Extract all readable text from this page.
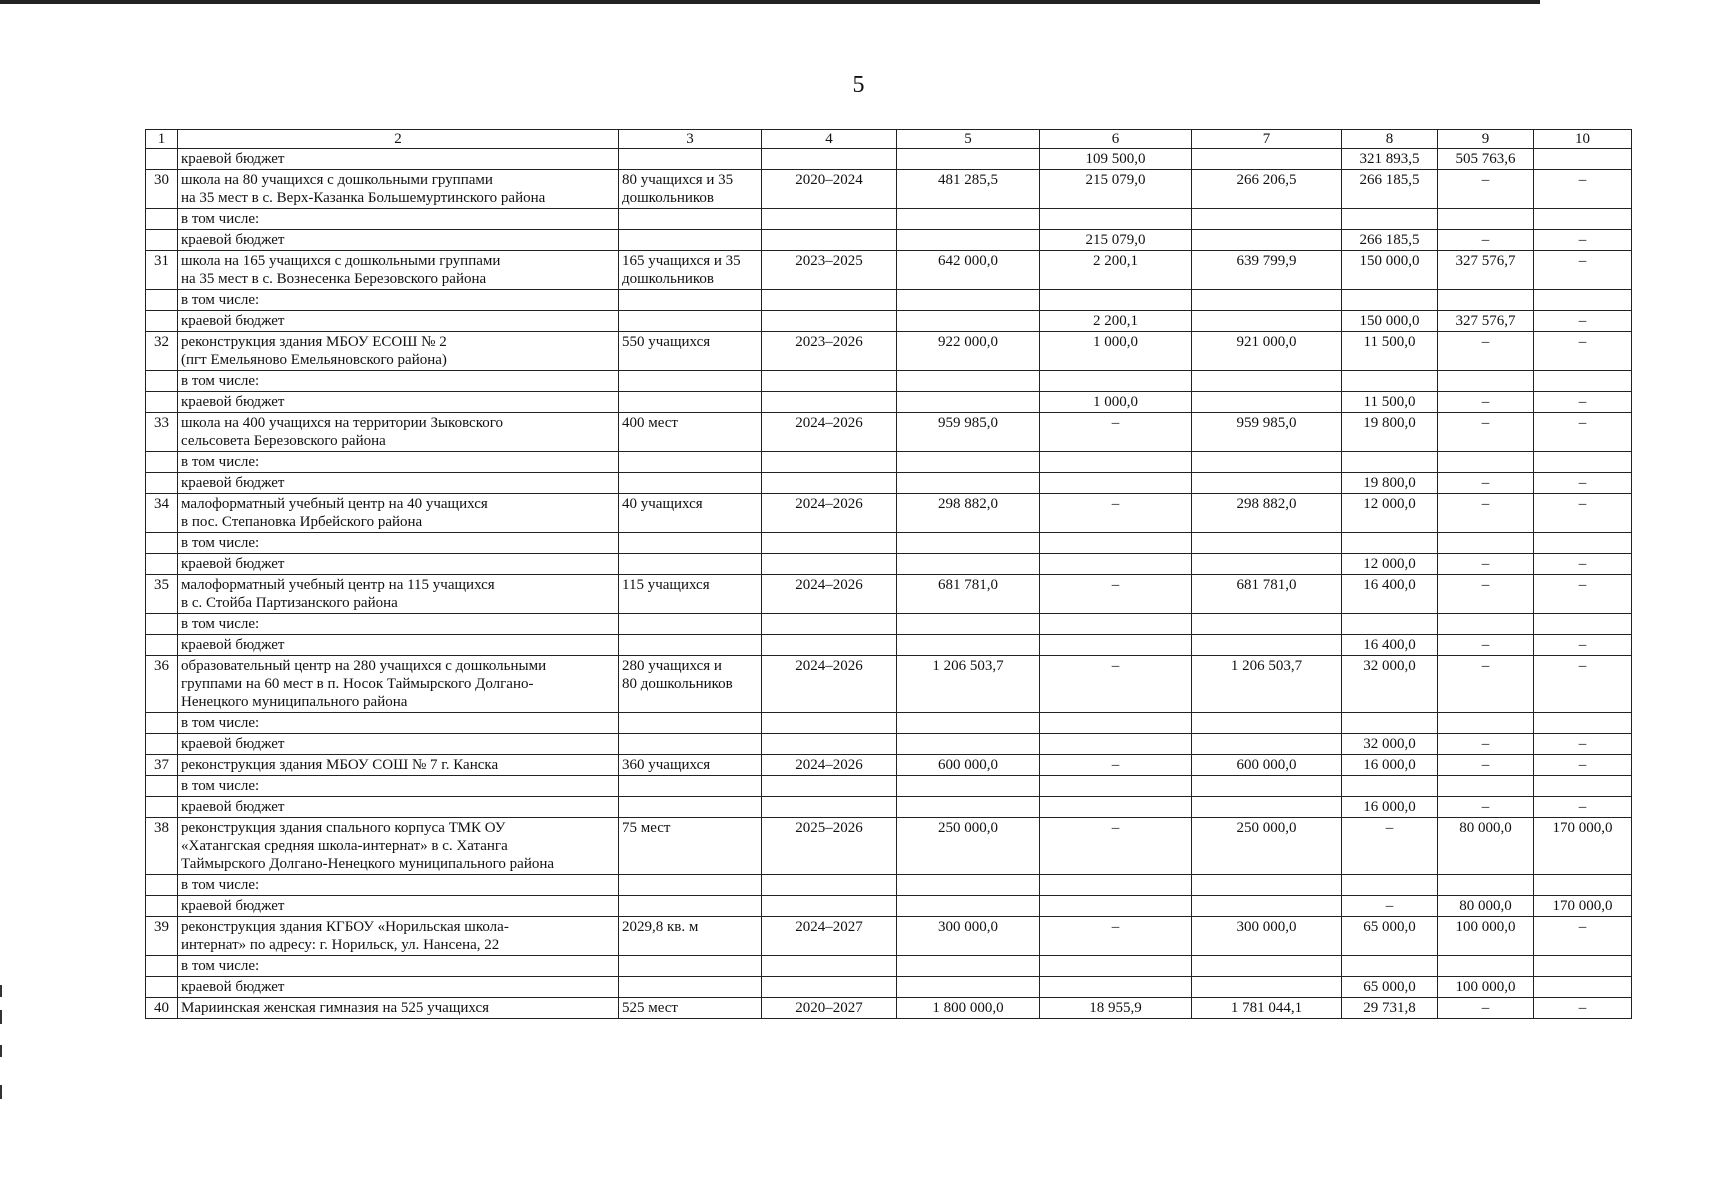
5
1	2	3	4	5	6	7	8	9	10
	краевой бюджет				109 500,0		321 893,5	505 763,6	
30	школа на 80 учащихся с дошкольными группами
на 35 мест в с. Верх-Казанка Большемуртинского района	80 учащихся и 35 дошкольников	2020–2024	481 285,5	215 079,0	266 206,5	266 185,5	–	–
	в том числе:								
	краевой бюджет				215 079,0		266 185,5	–	–
31	школа на 165 учащихся с дошкольными группами
на 35 мест в с. Вознесенка Березовского района	165 учащихся и 35 дошкольников	2023–2025	642 000,0	2 200,1	639 799,9	150 000,0	327 576,7	–
	в том числе:								
	краевой бюджет				2 200,1		150 000,0	327 576,7	–
32	реконструкция здания МБОУ ЕСОШ № 2
(пгт Емельяново Емельяновского района)	550 учащихся	2023–2026	922 000,0	1 000,0	921 000,0	11 500,0	–	–
	в том числе:								
	краевой бюджет				1 000,0		11 500,0	–	–
33	школа на 400 учащихся на территории Зыковского
сельсовета Березовского района	400 мест	2024–2026	959 985,0	–	959 985,0	19 800,0	–	–
	в том числе:								
	краевой бюджет						19 800,0	–	–
34	малоформатный учебный центр на 40 учащихся
в пос. Степановка Ирбейского района	40 учащихся	2024–2026	298 882,0	–	298 882,0	12 000,0	–	–
	в том числе:								
	краевой бюджет						12 000,0	–	–
35	малоформатный учебный центр на 115 учащихся
в с. Стойба Партизанского района	115 учащихся	2024–2026	681 781,0	–	681 781,0	16 400,0	–	–
	в том числе:								
	краевой бюджет						16 400,0	–	–
36	образовательный центр на 280 учащихся с дошкольными
группами на 60 мест в п. Носок Таймырского Долгано-
Ненецкого муниципального района	280 учащихся и
80 дошкольников	2024–2026	1 206 503,7	–	1 206 503,7	32 000,0	–	–
	в том числе:								
	краевой бюджет						32 000,0	–	–
37	реконструкция здания МБОУ СОШ № 7 г. Канска	360 учащихся	2024–2026	600 000,0	–	600 000,0	16 000,0	–	–
	в том числе:								
	краевой бюджет						16 000,0	–	–
38	реконструкция здания спального корпуса ТМК ОУ
«Хатангская средняя школа-интернат» в с. Хатанга
Таймырского Долгано-Ненецкого муниципального района	75 мест	2025–2026	250 000,0	–	250 000,0	–	80 000,0	170 000,0
	в том числе:								
	краевой бюджет						–	80 000,0	170 000,0
39	реконструкция здания КГБОУ «Норильская школа-
интернат» по адресу: г. Норильск, ул. Нансена, 22	2029,8 кв. м	2024–2027	300 000,0	–	300 000,0	65 000,0	100 000,0	–
	в том числе:								
	краевой бюджет						65 000,0	100 000,0	
40	Мариинская женская гимназия на 525 учащихся	525 мест	2020–2027	1 800 000,0	18 955,9	1 781 044,1	29 731,8	–	–
